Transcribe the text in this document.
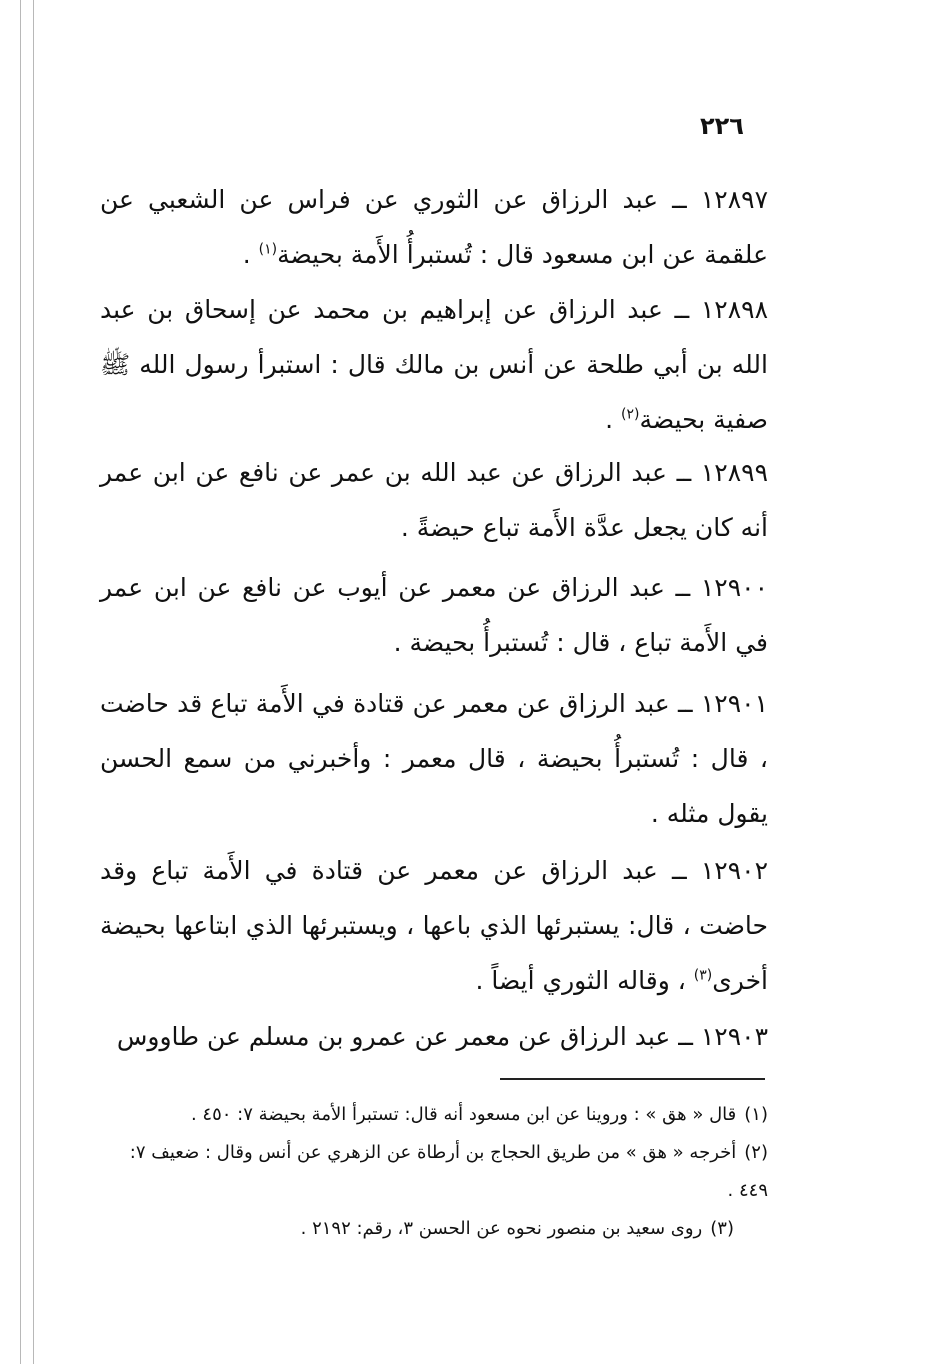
٢٢٦

١٢٨٩٧ ــ عبد الرزاق عن الثوري عن فراس عن الشعبي عن علقمة عن ابن مسعود قال : تُستبرأُ الأَمة بحيضة$^{(١)}$ .

١٢٨٩٨ ــ عبد الرزاق عن إبراهيم بن محمد عن إسحاق بن عبد الله بن أبي طلحة عن أنس بن مالك قال : استبرأ رسول الله ﷺ صفية بحيضة$^{(٢)}$ .

١٢٨٩٩ ــ عبد الرزاق عن عبد الله بن عمر عن نافع عن ابن عمر أنه كان يجعل عدَّة الأَمة تباع حيضةً .

١٢٩٠٠ ــ عبد الرزاق عن معمر عن أيوب عن نافع عن ابن عمر في الأَمة تباع ، قال : تُستبرأُ بحيضة .

١٢٩٠١ ــ عبد الرزاق عن معمر عن قتادة في الأَمة تباع قد حاضت ، قال : تُستبرأُ بحيضة ، قال معمر : وأخبرني من سمع الحسن يقول مثله .

١٢٩٠٢ ــ عبد الرزاق عن معمر عن قتادة في الأَمة تباع وقد حاضت ، قال: يستبرئها الذي باعها ، ويستبرئها الذي ابتاعها بحيضة أخرى$^{(٣)}$ ، وقاله الثوري أيضاً .

١٢٩٠٣ ــ عبد الرزاق عن معمر عن عمرو بن مسلم عن طاووس

(١)قال « هق » : وروينا عن ابن مسعود أنه قال: تستبرأ الأمة بحيضة ٧: ٤٥٠ .
(٢)أخرجه « هق » من طريق الحجاج بن أرطاة عن الزهري عن أنس وقال : ضعيف ٧: ٤٤٩ .
(٣)روى سعيد بن منصور نحوه عن الحسن ٣، رقم: ٢١٩٢ .
